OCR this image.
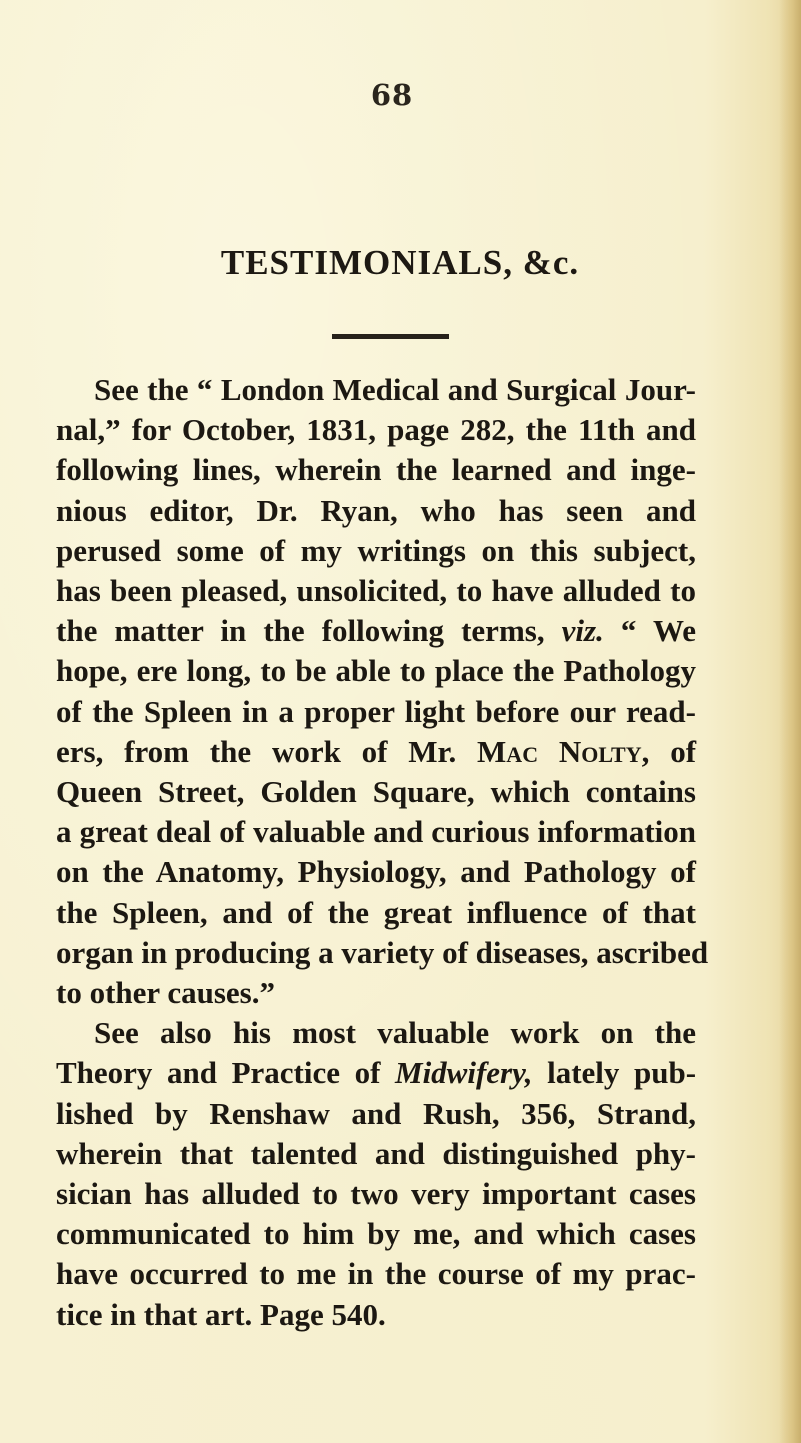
68
TESTIMONIALS, &c.
See the “ London Medical and Surgical Jour-
nal,” for October, 1831, page 282, the 11th and
following lines, wherein the learned and inge-
nious editor, Dr. Ryan, who has seen and
perused some of my writings on this subject,
has been pleased, unsolicited, to have alluded to
the matter in the following terms, viz. “ We
hope, ere long, to be able to place the Pathology
of the Spleen in a proper light before our read-
ers, from the work of Mr. Mac Nolty, of
Queen Street, Golden Square, which contains
a great deal of valuable and curious information
on the Anatomy, Physiology, and Pathology of
the Spleen, and of the great influence of that
organ in producing a variety of diseases, ascribed
to other causes.”
See also his most valuable work on the
Theory and Practice of Midwifery, lately pub-
lished by Renshaw and Rush, 356, Strand,
wherein that talented and distinguished phy-
sician has alluded to two very important cases
communicated to him by me, and which cases
have occurred to me in the course of my prac-
tice in that art. Page 540.
